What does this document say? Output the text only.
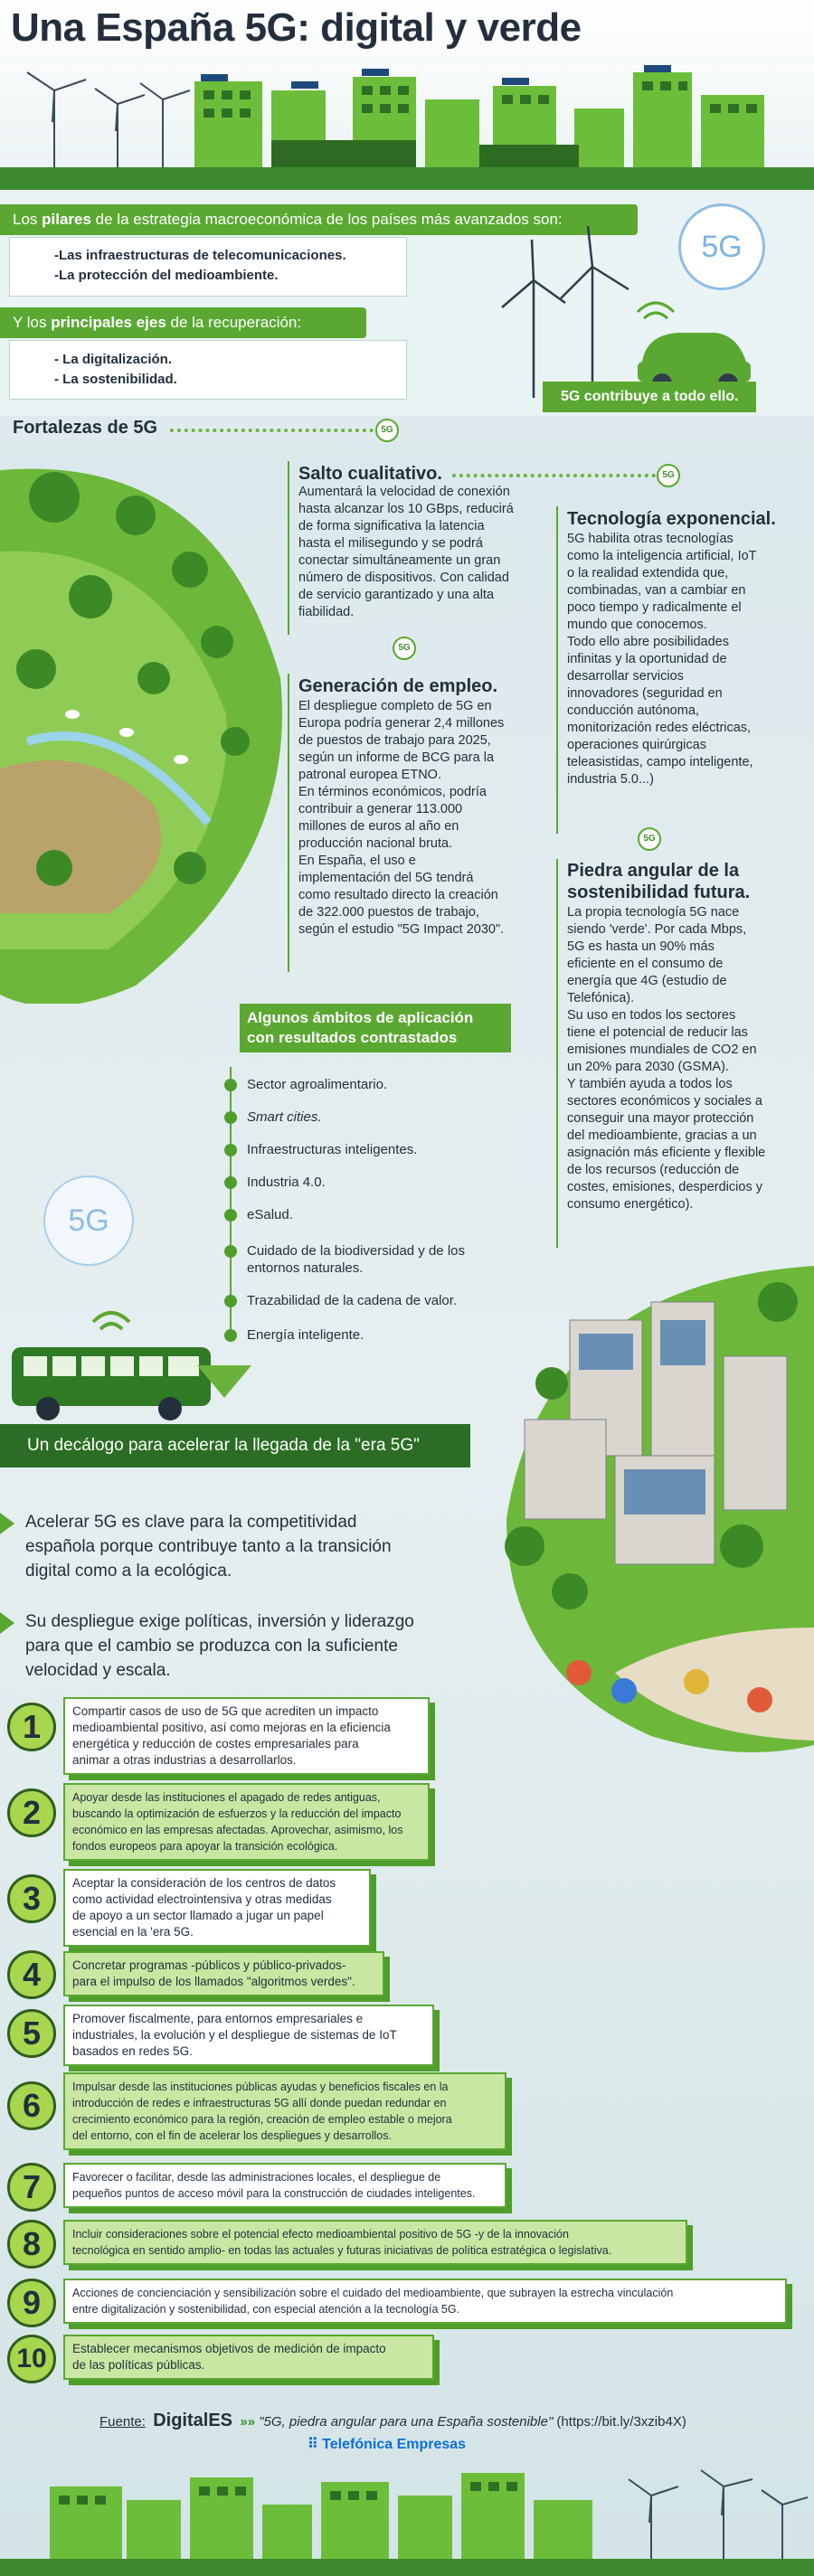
Una España 5G: digital y verde
Los pilares de la estrategia macroeconómica de los países más avanzados son:
-Las infraestructuras de telecomunicaciones.
-La protección del medioambiente.
Y los principales ejes de la recuperación:
- La digitalización.
- La sostenibilidad.
5G
5G contribuye a todo ello.
Fortalezas de 5G	5G
Salto cualitativo.	5G
Aumentará la velocidad de conexión
hasta alcanzar los 10 GBps, reducirá
de forma significativa la latencia
hasta el milisegundo y se podrá
conectar simultáneamente un gran
número de dispositivos. Con calidad
de servicio garantizado y una alta
fiabilidad.
Tecnología exponencial.
5G habilita otras tecnologías
como la inteligencia artificial, IoT
o la realidad extendida que,
combinadas, van a cambiar en
poco tiempo y radicalmente el
mundo que conocemos.
Todo ello abre posibilidades
infinitas y la oportunidad de
desarrollar servicios
innovadores (seguridad en
conducción autónoma,
monitorización redes eléctricas,
operaciones quirúrgicas
teleasistidas, campo inteligente,
industria 5.0...)
5G
Generación de empleo.
El despliegue completo de 5G en
Europa podría generar 2,4 millones
de puestos de trabajo para 2025,
según un informe de BCG para la
patronal europea ETNO.
En términos económicos, podría
contribuir a generar 113.000
millones de euros al año en
producción nacional bruta.
En España, el uso e
implementación del 5G tendrá
como resultado directo la creación
de 322.000 puestos de trabajo,
según el estudio "5G Impact 2030".
5G
Piedra angular de la
sostenibilidad futura.
La propia tecnología 5G nace
siendo 'verde'. Por cada Mbps,
5G es hasta un 90% más
eficiente en el consumo de
energía que 4G (estudio de
Telefónica).
Su uso en todos los sectores
tiene el potencial de reducir las
emisiones mundiales de CO2 en
un 20% para 2030 (GSMA).
Y también ayuda a todos los
sectores económicos y sociales a
conseguir una mayor protección
del medioambiente, gracias a un
asignación más eficiente y flexible
de los recursos (reducción de
costes, emisiones, desperdicios y
consumo energético).
Algunos ámbitos de aplicación
con resultados contrastados
Sector agroalimentario.
Smart cities.
Infraestructuras inteligentes.
Industria 4.0.
eSalud.
Cuidado de la biodiversidad y de los
entornos naturales.
Trazabilidad de la cadena de valor.
Energía inteligente.
5G
Un decálogo para acelerar la llegada de la "era 5G"
Acelerar 5G es clave para la competitividad
española porque contribuye tanto a la transición
digital como a la ecológica.
Su despliegue exige políticas, inversión y liderazgo
para que el cambio se produzca con la suficiente
velocidad y escala.
1	Compartir casos de uso de 5G que acrediten un impacto
medioambiental positivo, así como mejoras en la eficiencia
energética y reducción de costes empresariales para
animar a otras industrias a desarrollarlos.
2	Apoyar desde las instituciones el apagado de redes antiguas,
buscando la optimización de esfuerzos y la reducción del impacto
económico en las empresas afectadas. Aprovechar, asimismo, los
fondos europeos para apoyar la transición ecológica.
3	Aceptar la consideración de los centros de datos
como actividad electrointensiva y otras medidas
de apoyo a un sector llamado a jugar un papel
esencial en la 'era 5G.
4	Concretar programas -públicos y público-privados-
para el impulso de los llamados "algoritmos verdes".
5	Promover fiscalmente, para entornos empresariales e
industriales, la evolución y el despliegue de sistemas de IoT
basados en redes 5G.
6	Impulsar desde las instituciones públicas ayudas y beneficios fiscales en la
introducción de redes e infraestructuras 5G allí donde puedan redundar en
crecimiento económico para la región, creación de empleo estable o mejora
del entorno, con el fin de acelerar los despliegues y desarrollos.
7	Favorecer o facilitar, desde las administraciones locales, el despliegue de
pequeños puntos de acceso móvil para la construcción de ciudades inteligentes.
8	Incluir consideraciones sobre el potencial efecto medioambiental positivo de 5G -y de la innovación
tecnológica en sentido amplio- en todas las actuales y futuras iniciativas de política estratégica o legislativa.
9	Acciones de concienciación y sensibilización sobre el cuidado del medioambiente, que subrayen la estrecha vinculación
entre digitalización y sostenibilidad, con especial atención a la tecnología 5G.
10	Establecer mecanismos objetivos de medición de impacto
de las políticas públicas.
Fuente: DigitalES »» "5G, piedra angular para una España sostenible" (https://bit.ly/3xzib4X)
⠿ Telefónica Empresas
